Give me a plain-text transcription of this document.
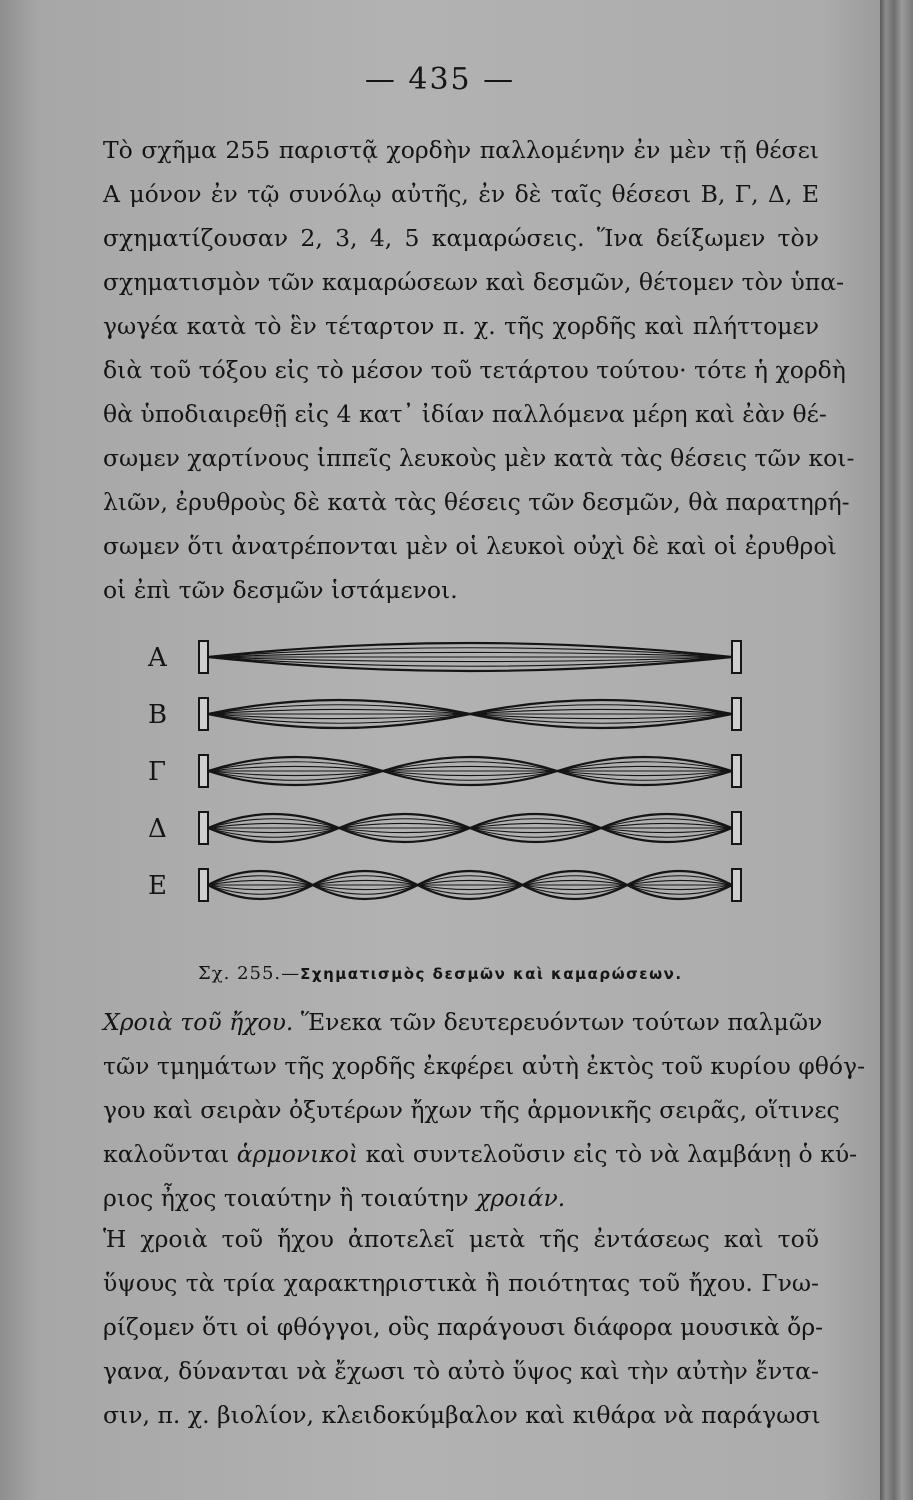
— 435 —
Τὸ σχῆμα 255 παριστᾷ χορδὴν παλλομένην ἐν μὲν τῇ θέσει
Α μόνον ἐν τῷ συνόλῳ αὐτῆς, ἐν δὲ ταῖς θέσεσι Β, Γ, Δ, Ε
σχηματίζουσαν 2, 3, 4, 5 καμαρώσεις. Ἵνα δείξωμεν τὸν
σχηματισμὸν τῶν καμαρώσεων καὶ δεσμῶν, θέτομεν τὸν ὑπα-
γωγέα κατὰ τὸ ἓν τέταρτον π. χ. τῆς χορδῆς καὶ πλήττομεν
διὰ τοῦ τόξου εἰς τὸ μέσον τοῦ τετάρτου τούτου· τότε ἡ χορδὴ
θὰ ὑποδιαιρεθῇ εἰς 4 κατ᾽ ἰδίαν παλλόμενα μέρη καὶ ἐὰν θέ-
σωμεν χαρτίνους ἱππεῖς λευκοὺς μὲν κατὰ τὰς θέσεις τῶν κοι-
λιῶν, ἐρυθροὺς δὲ κατὰ τὰς θέσεις τῶν δεσμῶν, θὰ παρατηρή-
σωμεν ὅτι ἀνατρέπονται μὲν οἱ λευκοὶ οὐχὶ δὲ καὶ οἱ ἐρυθροὶ
οἱ ἐπὶ τῶν δεσμῶν ἱστάμενοι.
A
B
Γ
Δ
E
Σχ. 255.—Σχηματισμὸς δεσμῶν καὶ καμαρώσεων.
Χροιὰ τοῦ ἤχου. Ἕνεκα τῶν δευτερευόντων τούτων παλμῶν
τῶν τμημάτων τῆς χορδῆς ἐκφέρει αὐτὴ ἐκτὸς τοῦ κυρίου φθόγ-
γου καὶ σειρὰν ὀξυτέρων ἤχων τῆς ἁρμονικῆς σειρᾶς, οἵτινες
καλοῦνται ἁρμονικοὶ καὶ συντελοῦσιν εἰς τὸ νὰ λαμβάνῃ ὁ κύ-
ριος ἦχος τοιαύτην ἢ τοιαύτην χροιάν.
Ἡ χροιὰ τοῦ ἤχου ἀποτελεῖ μετὰ τῆς ἐντάσεως καὶ τοῦ
ὕψους τὰ τρία χαρακτηριστικὰ ἢ ποιότητας τοῦ ἤχου. Γνω-
ρίζομεν ὅτι οἱ φθόγγοι, οὓς παράγουσι διάφορα μουσικὰ ὄρ-
γανα, δύνανται νὰ ἔχωσι τὸ αὐτὸ ὕψος καὶ τὴν αὐτὴν ἔντα-
σιν, π. χ. βιολίον, κλειδοκύμβαλον καὶ κιθάρα νὰ παράγωσι
